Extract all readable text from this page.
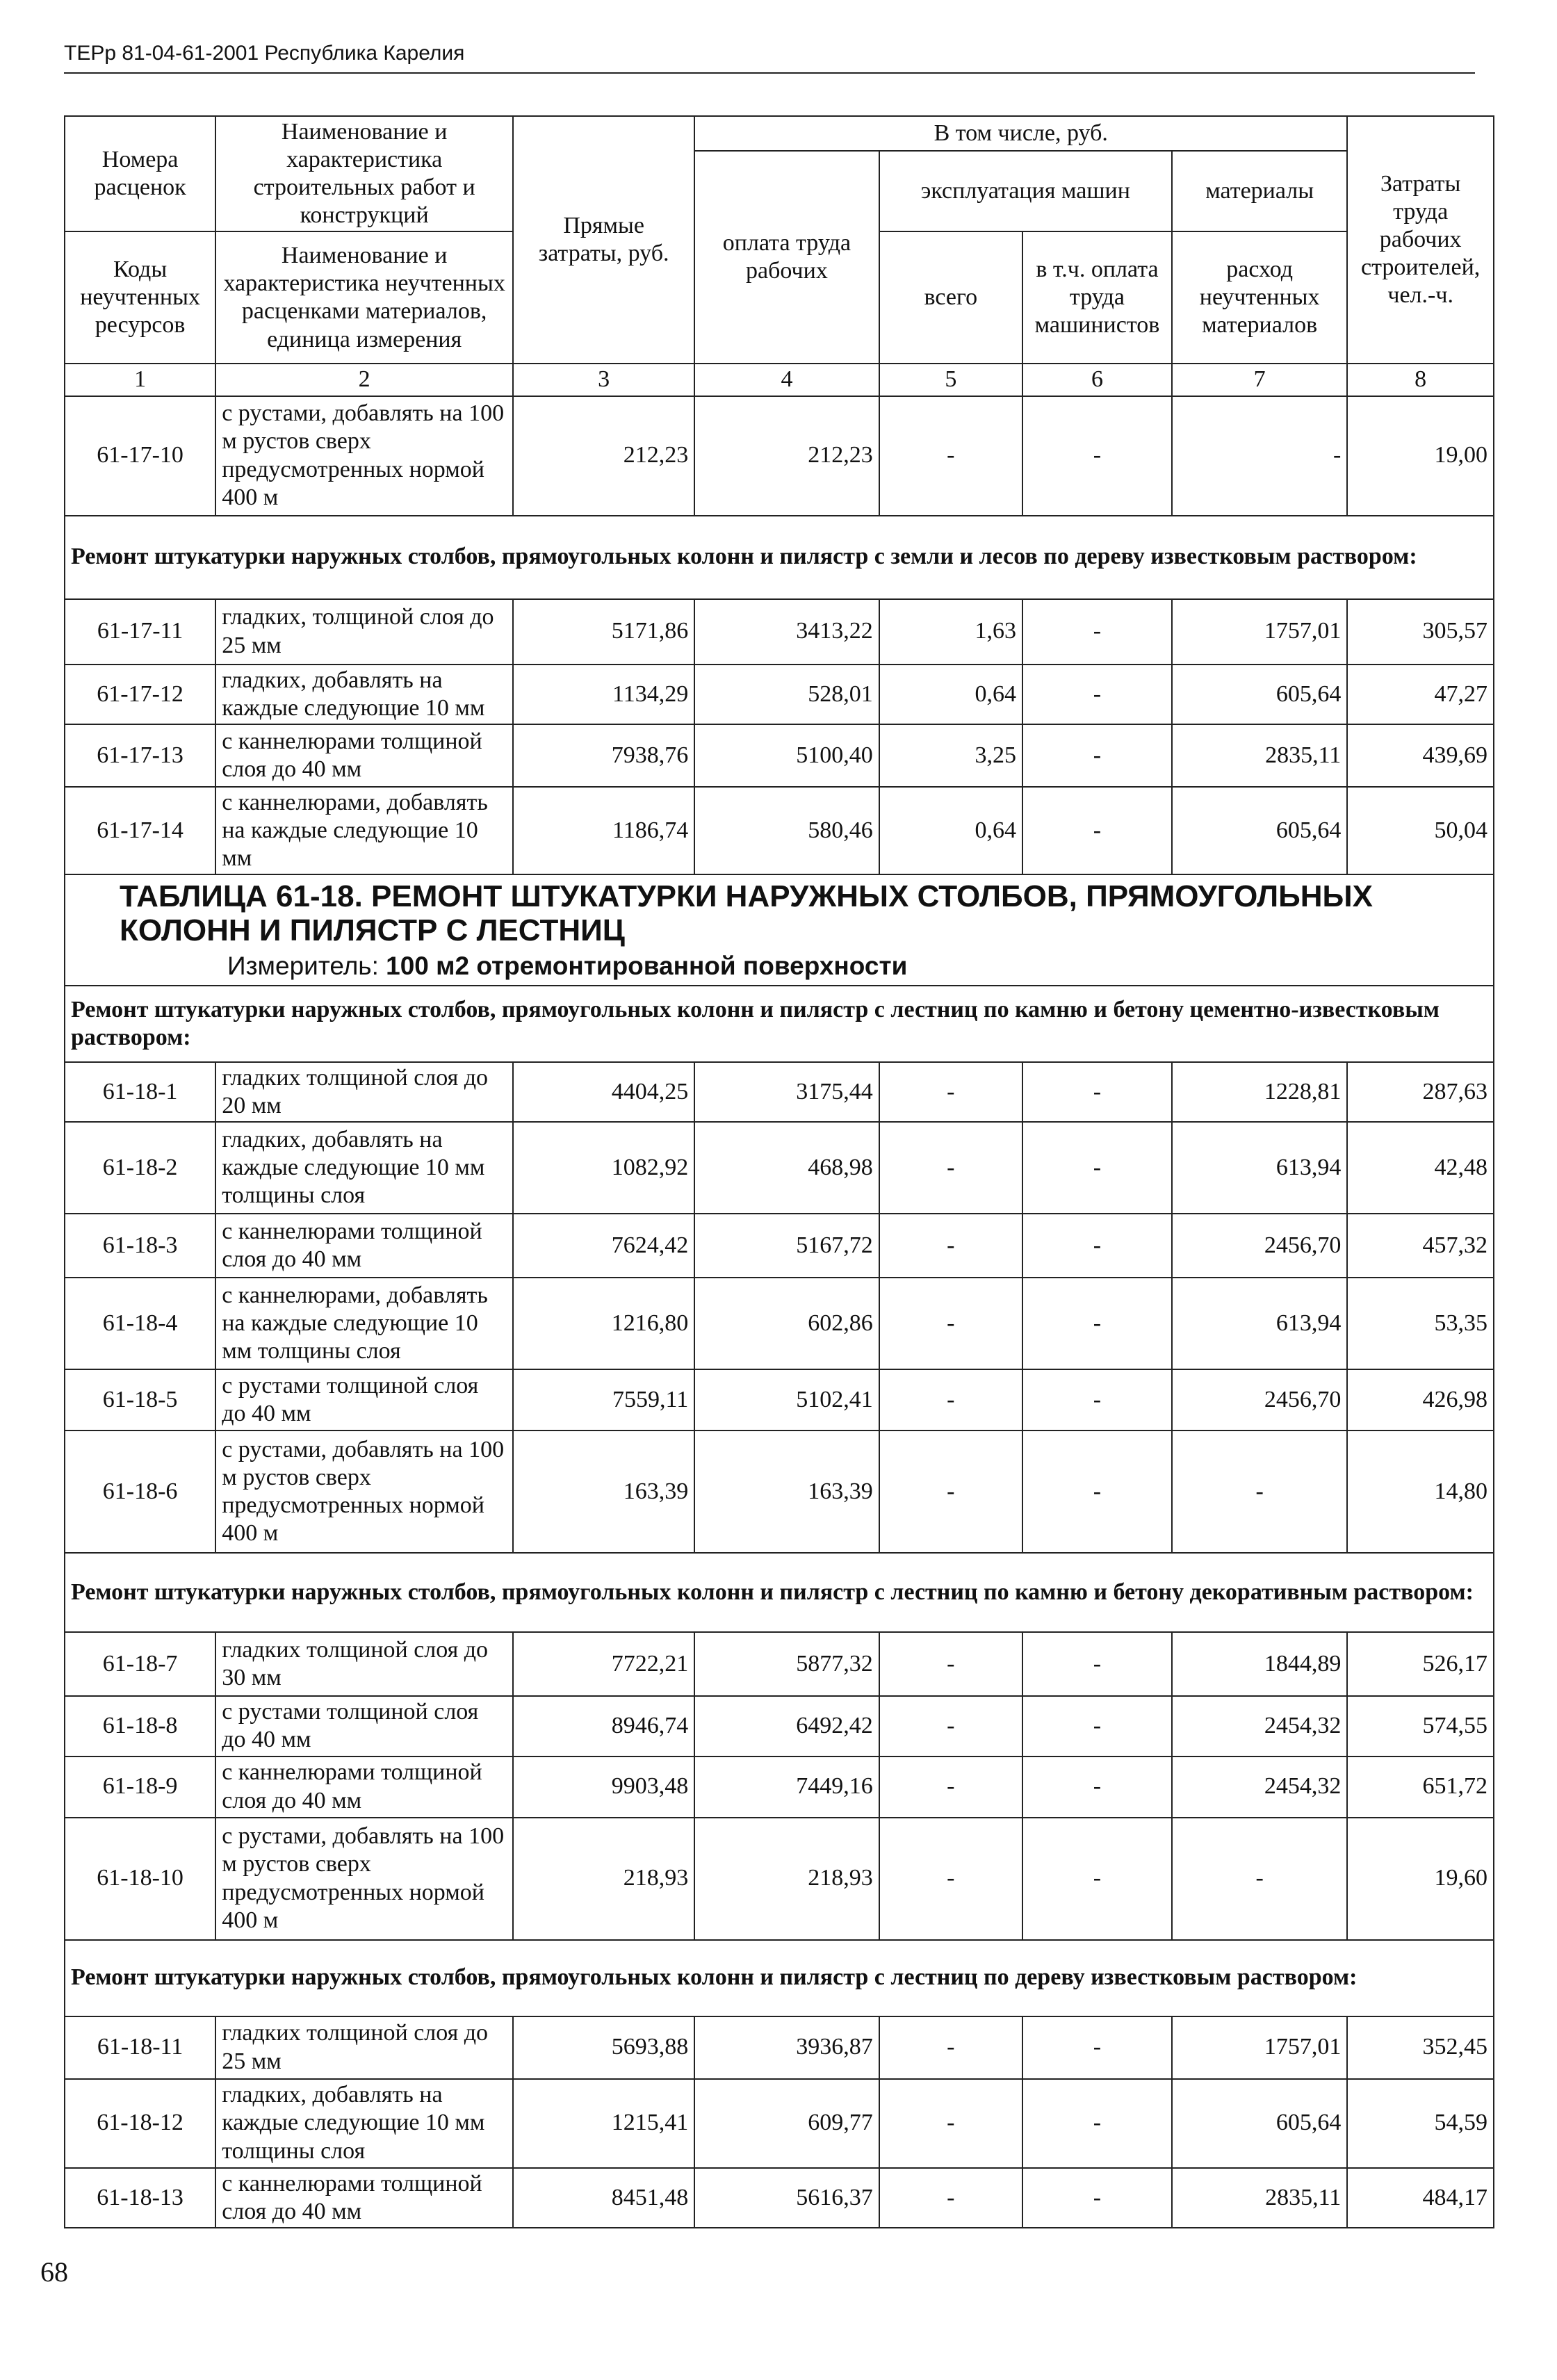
ТЕРр 81-04-61-2001 Республика Карелия
Номера расценок	Наименование и характеристика строительных работ и конструкций	Прямые затраты, руб.	В том числе, руб.				Затраты труда рабочих строителей, чел.-ч.
			оплата труда рабочих	эксплуатация машин		материалы	
Коды неучтенных ресурсов	Наименование и характеристика неучтенных расценками материалов, единица измерения			всего	в т.ч. оплата труда машинистов	расход неучтенных материалов	
1	2	3	4	5	6	7	8
61-17-10	с рустами, добавлять на 100 м рустов сверх предусмотренных нормой 400 м	212,23	212,23	-	-	-	19,00

Ремонт штукатурки наружных столбов, прямоугольных колонн и пилястр с земли и лесов по дереву известковым раствором:							

61-17-11	гладких, толщиной слоя до 25 мм	5171,86	3413,22	1,63	-	1757,01	305,57
61-17-12	гладких, добавлять на каждые следующие 10 мм	1134,29	528,01	0,64	-	605,64	47,27
61-17-13	с каннелюрами толщиной слоя до 40 мм	7938,76	5100,40	3,25	-	2835,11	439,69
61-17-14	с каннелюрами, добавлять на каждые следующие 10 мм	1186,74	580,46	0,64	-	605,64	50,04

ТАБЛИЦА 61-18. РЕМОНТ ШТУКАТУРКИ НАРУЖНЫХ СТОЛБОВ, ПРЯМОУГОЛЬНЫХ КОЛОНН И ПИЛЯСТР С ЛЕСТНИЦ
Измеритель: 100 м2 отремонтированной поверхности							

Ремонт штукатурки наружных столбов, прямоугольных колонн и пилястр с лестниц по камню и бетону цементно-известковым раствором:							

61-18-1	гладких толщиной слоя до 20 мм	4404,25	3175,44	-	-	1228,81	287,63
61-18-2	гладких, добавлять на каждые следующие 10 мм толщины слоя	1082,92	468,98	-	-	613,94	42,48
61-18-3	с каннелюрами толщиной слоя до 40 мм	7624,42	5167,72	-	-	2456,70	457,32
61-18-4	с каннелюрами, добавлять на каждые следующие 10 мм толщины слоя	1216,80	602,86	-	-	613,94	53,35
61-18-5	с рустами толщиной слоя до 40 мм	7559,11	5102,41	-	-	2456,70	426,98
61-18-6	с рустами, добавлять на 100 м рустов сверх предусмотренных нормой 400 м	163,39	163,39	-	-	-	14,80

Ремонт штукатурки наружных столбов, прямоугольных колонн и пилястр с лестниц по камню и бетону декоративным раствором:							

61-18-7	гладких толщиной слоя до 30 мм	7722,21	5877,32	-	-	1844,89	526,17
61-18-8	с рустами толщиной слоя до 40 мм	8946,74	6492,42	-	-	2454,32	574,55
61-18-9	с каннелюрами толщиной слоя до 40 мм	9903,48	7449,16	-	-	2454,32	651,72
61-18-10	с рустами, добавлять на 100 м рустов сверх предусмотренных нормой 400 м	218,93	218,93	-	-	-	19,60

Ремонт штукатурки наружных столбов, прямоугольных колонн и пилястр с лестниц по дереву известковым раствором:							

61-18-11	гладких толщиной слоя до 25 мм	5693,88	3936,87	-	-	1757,01	352,45
61-18-12	гладких, добавлять на каждые следующие 10 мм толщины слоя	1215,41	609,77	-	-	605,64	54,59
61-18-13	с каннелюрами толщиной слоя до 40 мм	8451,48	5616,37	-	-	2835,11	484,17
68
